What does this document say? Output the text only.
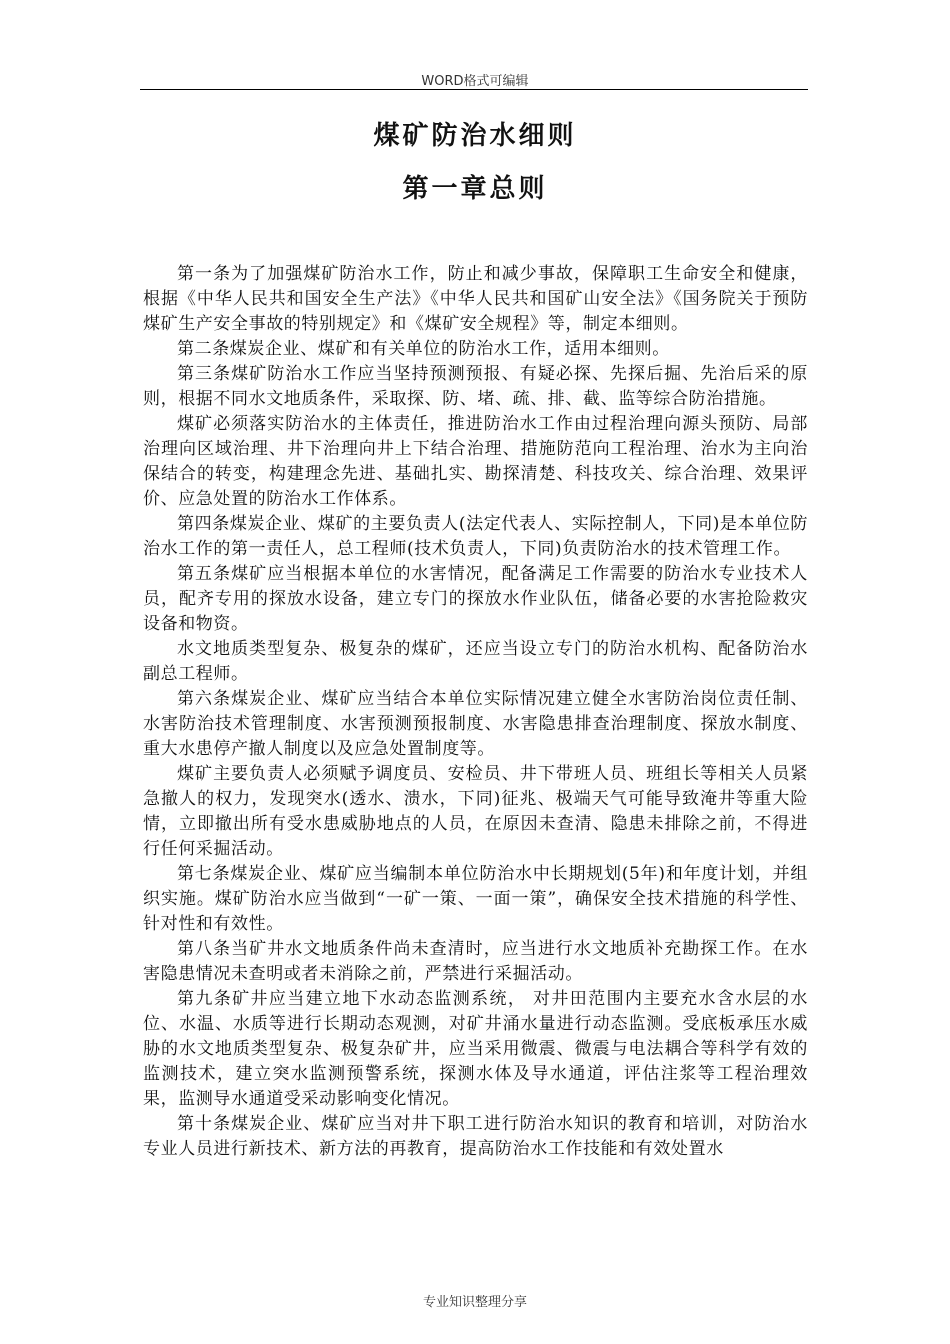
WORD格式可编辑
煤矿防治水细则
第一章总则

第一条为了加强煤矿防治水工作，防止和减少事故，保障职工生命安全和健康，根据《中华人民共和国安全生产法》《中华人民共和国矿山安全法》《国务院关于预防煤矿生产安全事故的特别规定》和《煤矿安全规程》等，制定本细则。

第二条煤炭企业、煤矿和有关单位的防治水工作，适用本细则。

第三条煤矿防治水工作应当坚持预测预报、有疑必探、先探后掘、先治后采的原则，根据不同水文地质条件，采取探、防、堵、疏、排、截、监等综合防治措施。

煤矿必须落实防治水的主体责任，推进防治水工作由过程治理向源头预防、局部治理向区域治理、井下治理向井上下结合治理、措施防范向工程治理、治水为主向治保结合的转变，构建理念先进、基础扎实、勘探清楚、科技攻关、综合治理、效果评价、应急处置的防治水工作体系。

第四条煤炭企业、煤矿的主要负责人(法定代表人、实际控制人，下同)是本单位防治水工作的第一责任人，总工程师(技术负责人，下同)负责防治水的技术管理工作。

第五条煤矿应当根据本单位的水害情况，配备满足工作需要的防治水专业技术人员，配齐专用的探放水设备，建立专门的探放水作业队伍，储备必要的水害抢险救灾设备和物资。

水文地质类型复杂、极复杂的煤矿，还应当设立专门的防治水机构、配备防治水副总工程师。

第六条煤炭企业、煤矿应当结合本单位实际情况建立健全水害防治岗位责任制、水害防治技术管理制度、水害预测预报制度、水害隐患排查治理制度、探放水制度、重大水患停产撤人制度以及应急处置制度等。

煤矿主要负责人必须赋予调度员、安检员、井下带班人员、班组长等相关人员紧急撤人的权力，发现突水(透水、溃水，下同)征兆、极端天气可能导致淹井等重大险情，立即撤出所有受水患威胁地点的人员，在原因未查清、隐患未排除之前，不得进行任何采掘活动。

第七条煤炭企业、煤矿应当编制本单位防治水中长期规划(5年)和年度计划，并组织实施。煤矿防治水应当做到“一矿一策、一面一策”，确保安全技术措施的科学性、针对性和有效性。

第八条当矿井水文地质条件尚未查清时，应当进行水文地质补充勘探工作。在水害隐患情况未查明或者未消除之前，严禁进行采掘活动。

第九条矿井应当建立地下水动态监测系统， 对井田范围内主要充水含水层的水位、水温、水质等进行长期动态观测，对矿井涌水量进行动态监测。受底板承压水威胁的水文地质类型复杂、极复杂矿井，应当采用微震、微震与电法耦合等科学有效的监测技术，建立突水监测预警系统，探测水体及导水通道，评估注浆等工程治理效果，监测导水通道受采动影响变化情况。

第十条煤炭企业、煤矿应当对井下职工进行防治水知识的教育和培训，对防治水专业人员进行新技术、新方法的再教育，提高防治水工作技能和有效处置水

专业知识整理分享
